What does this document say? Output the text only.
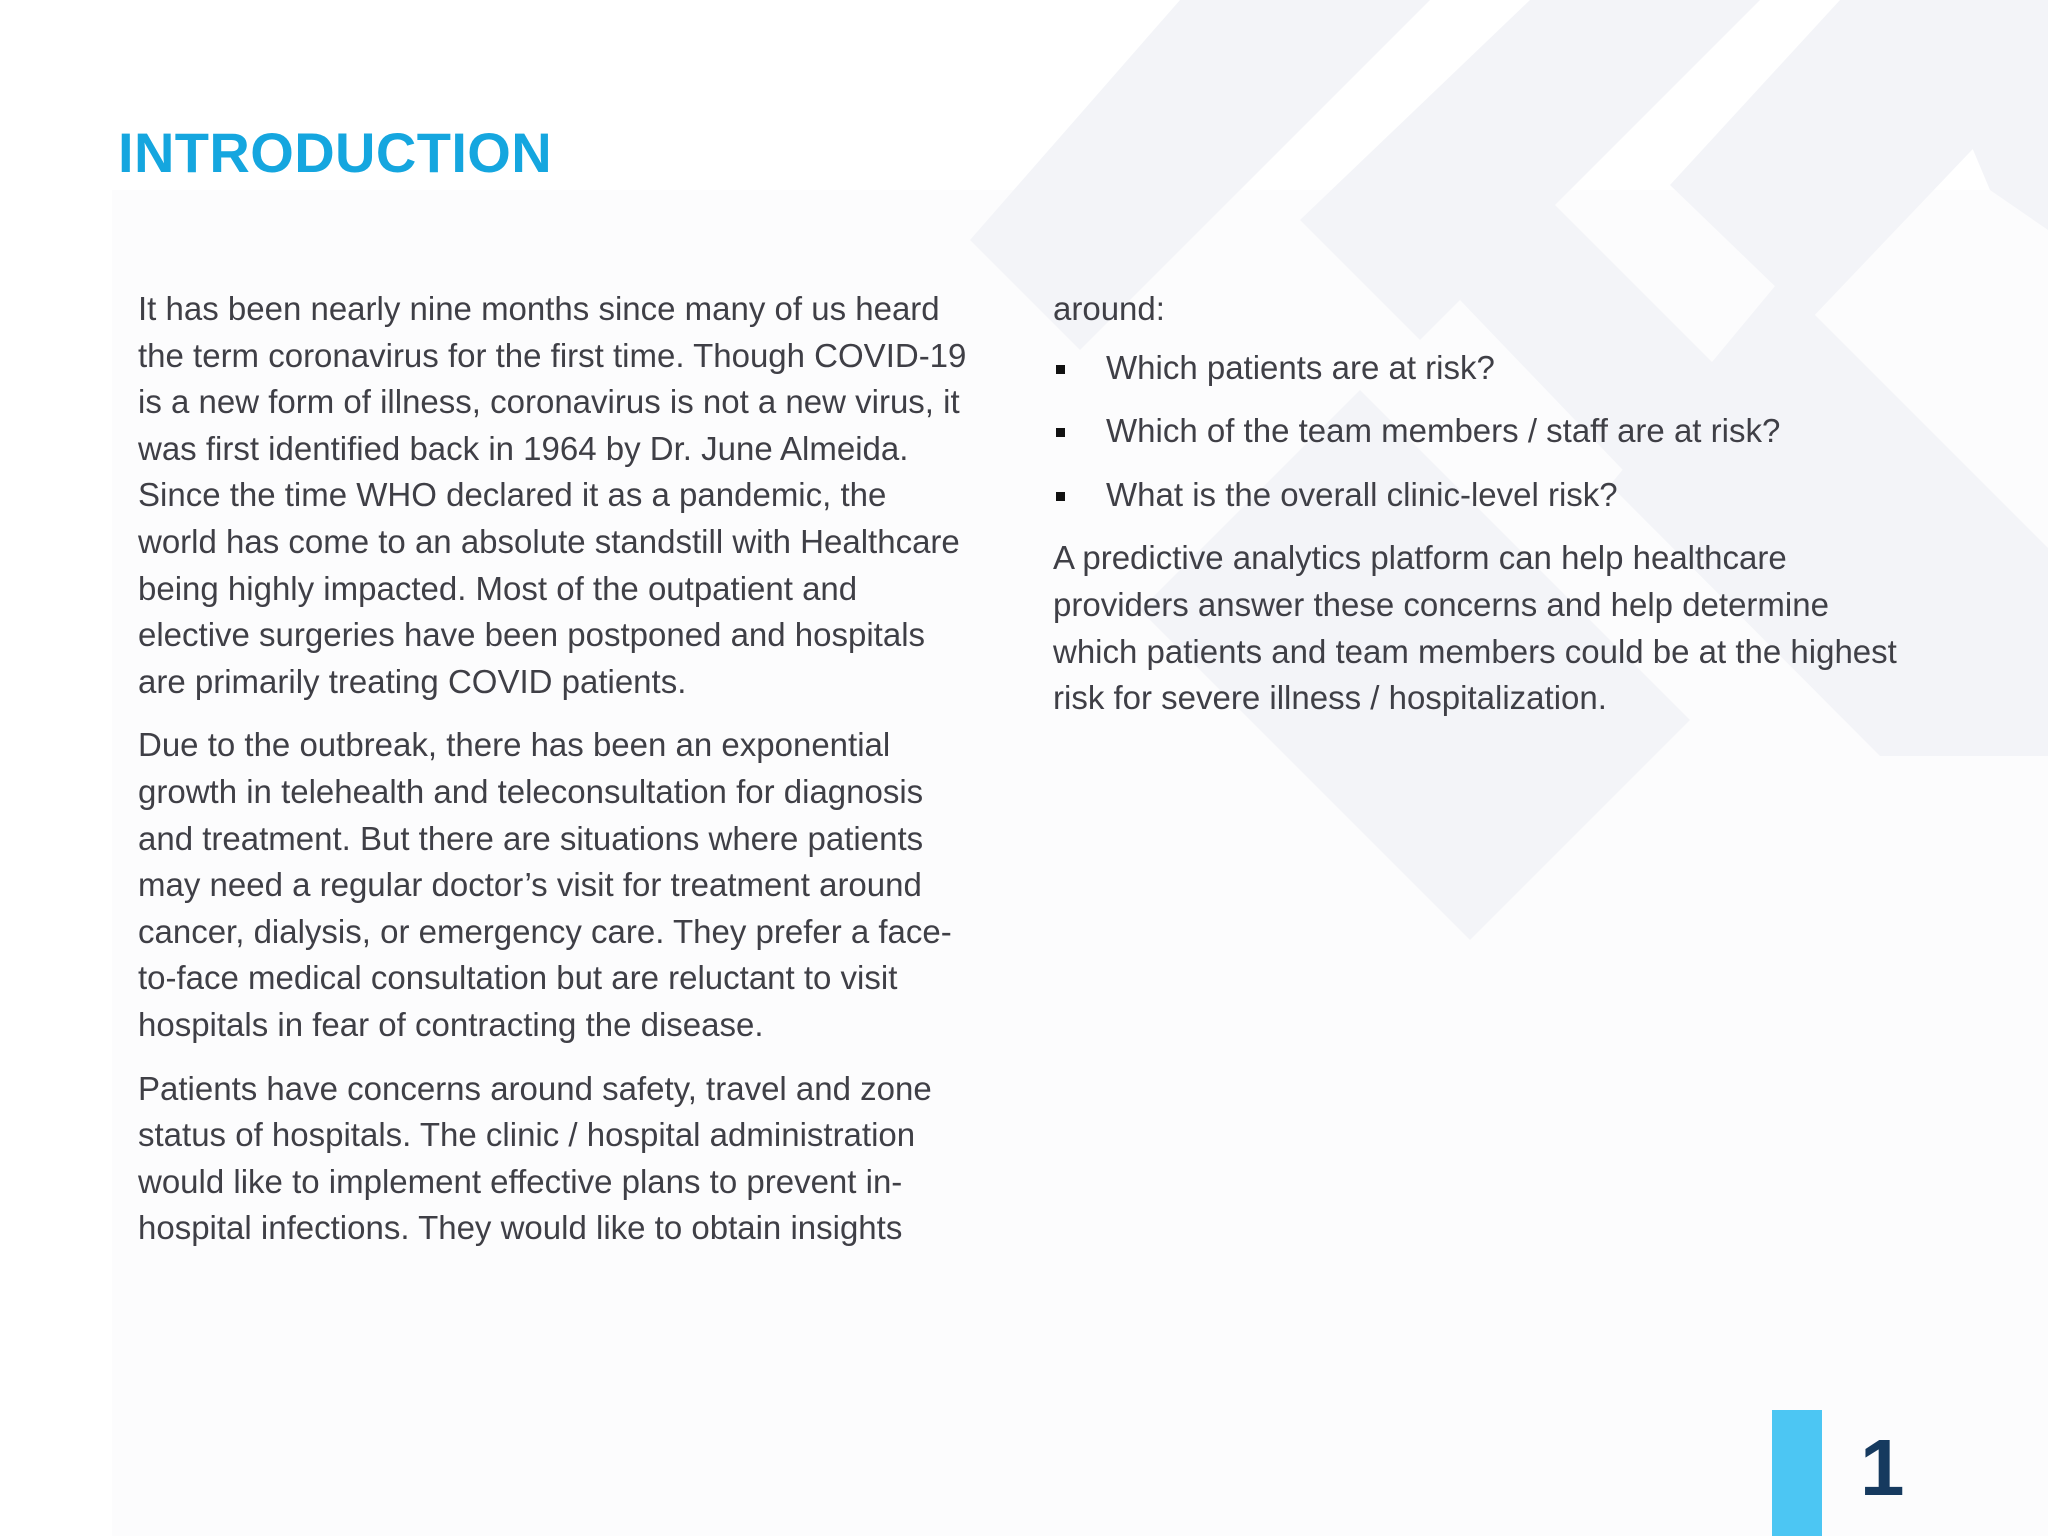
INTRODUCTION

It has been nearly nine months since many of us heard the term coronavirus for the first time. Though COVID-19 is a new form of illness, coronavirus is not a new virus, it was first identified back in 1964 by Dr. June Almeida. Since the time WHO declared it as a pandemic, the world has come to an absolute standstill with Healthcare being highly impacted. Most of the outpatient and elective surgeries have been postponed and hospitals are primarily treating COVID patients.

Due to the outbreak, there has been an exponential growth in telehealth and teleconsultation for diagnosis and treatment. But there are situations where patients may need a regular doctor’s visit for treatment around cancer, dialysis, or emergency care. They prefer a face-to-face medical consultation but are reluctant to visit hospitals in fear of contracting the disease.

Patients have concerns around safety, travel and zone status of hospitals. The clinic / hospital administration would like to implement effective plans to prevent in-hospital infections. They would like to obtain insights

around:

Which patients are at risk?
Which of the team members / staff are at risk?
What is the overall clinic-level risk?

A predictive analytics platform can help healthcare providers answer these concerns and help determine which patients and team members could be at the highest risk for severe illness / hospitalization.

1
